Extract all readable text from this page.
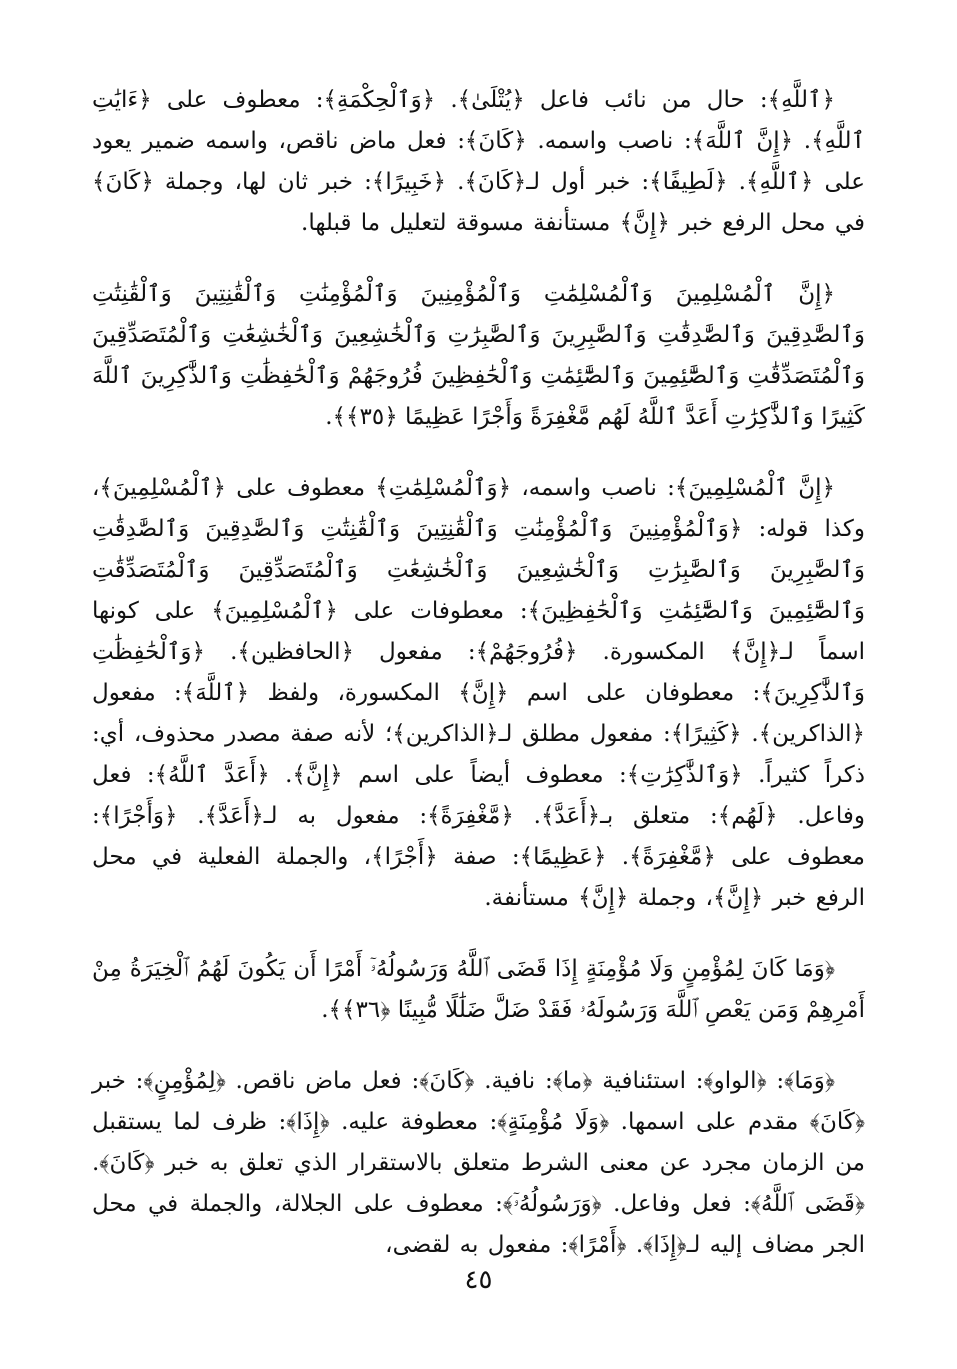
﴿ٱللَّهِ﴾: حال من نائب فاعل ﴿يُتْلَىٰ﴾. ﴿وَٱلْحِكْمَةِ﴾: معطوف على ﴿ءَايَٰتِ ٱللَّهِ﴾. ﴿إِنَّ ٱللَّهَ﴾: ناصب واسمه. ﴿كَانَ﴾: فعل ماض ناقص، واسمه ضمير يعود على ﴿ٱللَّهِ﴾. ﴿لَطِيفًا﴾: خبر أول لـ﴿كَانَ﴾. ﴿خَبِيرًا﴾: خبر ثان لها، وجملة ﴿كَانَ﴾ في محل الرفع خبر ﴿إِنَّ﴾ مستأنفة مسوقة لتعليل ما قبلها.

﴿إِنَّ ٱلْمُسْلِمِينَ وَٱلْمُسْلِمَٰتِ وَٱلْمُؤْمِنِينَ وَٱلْمُؤْمِنَٰتِ وَٱلْقَٰنِتِينَ وَٱلْقَٰنِتَٰتِ وَٱلصَّٰدِقِينَ وَٱلصَّٰدِقَٰتِ وَٱلصَّٰبِرِينَ وَٱلصَّٰبِرَٰتِ وَٱلْخَٰشِعِينَ وَٱلْخَٰشِعَٰتِ وَٱلْمُتَصَدِّقِينَ وَٱلْمُتَصَدِّقَٰتِ وَٱلصَّٰٓئِمِينَ وَٱلصَّٰٓئِمَٰتِ وَٱلْحَٰفِظِينَ فُرُوجَهُمْ وَٱلْحَٰفِظَٰتِ وَٱلذَّٰكِرِينَ ٱللَّهَ كَثِيرًا وَٱلذَّٰكِرَٰتِ أَعَدَّ ٱللَّهُ لَهُم مَّغْفِرَةً وَأَجْرًا عَظِيمًا ﴿٣٥﴾﴾.

﴿إِنَّ ٱلْمُسْلِمِينَ﴾: ناصب واسمه، ﴿وَٱلْمُسْلِمَٰتِ﴾ معطوف على ﴿ٱلْمُسْلِمِينَ﴾، وكذا قوله: ﴿وَٱلْمُؤْمِنِينَ وَٱلْمُؤْمِنَٰتِ وَٱلْقَٰنِتِينَ وَٱلْقَٰنِتَٰتِ وَٱلصَّٰدِقِينَ وَٱلصَّٰدِقَٰتِ وَٱلصَّٰبِرِينَ وَٱلصَّٰبِرَٰتِ وَٱلْخَٰشِعِينَ وَٱلْخَٰشِعَٰتِ وَٱلْمُتَصَدِّقِينَ وَٱلْمُتَصَدِّقَٰتِ وَٱلصَّٰٓئِمِينَ وَٱلصَّٰٓئِمَٰتِ وَٱلْحَٰفِظِينَ﴾: معطوفات على ﴿ٱلْمُسْلِمِينَ﴾ على كونها اسماً لـ﴿إِنَّ﴾ المكسورة. ﴿فُرُوجَهُمْ﴾: مفعول ﴿الحافظين﴾. ﴿وَٱلْحَٰفِظَٰتِ وَٱلذَّٰكِرِينَ﴾: معطوفان على اسم ﴿إِنَّ﴾ المكسورة، ولفظ ﴿ٱللَّهَ﴾: مفعول ﴿الذاكرين﴾. ﴿كَثِيرًا﴾: مفعول مطلق لـ﴿الذاكرين﴾؛ لأنه صفة مصدر محذوف، أي: ذكراً كثيراً. ﴿وَٱلذَّٰكِرَٰتِ﴾: معطوف أيضاً على اسم ﴿إِنَّ﴾. ﴿أَعَدَّ ٱللَّهُ﴾: فعل وفاعل. ﴿لَهُم﴾: متعلق بـ﴿أَعَدَّ﴾. ﴿مَّغْفِرَةً﴾: مفعول به لـ﴿أَعَدَّ﴾. ﴿وَأَجْرًا﴾: معطوف على ﴿مَّغْفِرَةً﴾. ﴿عَظِيمًا﴾: صفة ﴿أَجْرًا﴾، والجملة الفعلية في محل الرفع خبر ﴿إِنَّ﴾، وجملة ﴿إِنَّ﴾ مستأنفة.

﴿وَمَا كَانَ لِمُؤْمِنٍ وَلَا مُؤْمِنَةٍ إِذَا قَضَى ٱللَّهُ وَرَسُولُهُۥٓ أَمْرًا أَن يَكُونَ لَهُمُ ٱلْخِيَرَةُ مِنْ أَمْرِهِمْ وَمَن يَعْصِ ٱللَّهَ وَرَسُولَهُۥ فَقَدْ ضَلَّ ضَلَٰلًا مُّبِينًا ﴿٣٦﴾﴾.

﴿وَمَا﴾: ﴿الواو﴾: استئنافية ﴿ما﴾: نافية. ﴿كَانَ﴾: فعل ماض ناقص. ﴿لِمُؤْمِنٍ﴾: خبر ﴿كَانَ﴾ مقدم على اسمها. ﴿وَلَا مُؤْمِنَةٍ﴾: معطوفة عليه. ﴿إِذَا﴾: ظرف لما يستقبل من الزمان مجرد عن معنى الشرط متعلق بالاستقرار الذي تعلق به خبر ﴿كَانَ﴾. ﴿قَضَى ٱللَّهُ﴾: فعل وفاعل. ﴿وَرَسُولُهُۥٓ﴾: معطوف على الجلالة، والجملة في محل الجر مضاف إليه لـ﴿إِذَا﴾. ﴿أَمْرًا﴾: مفعول به لقضى،

٤٥
